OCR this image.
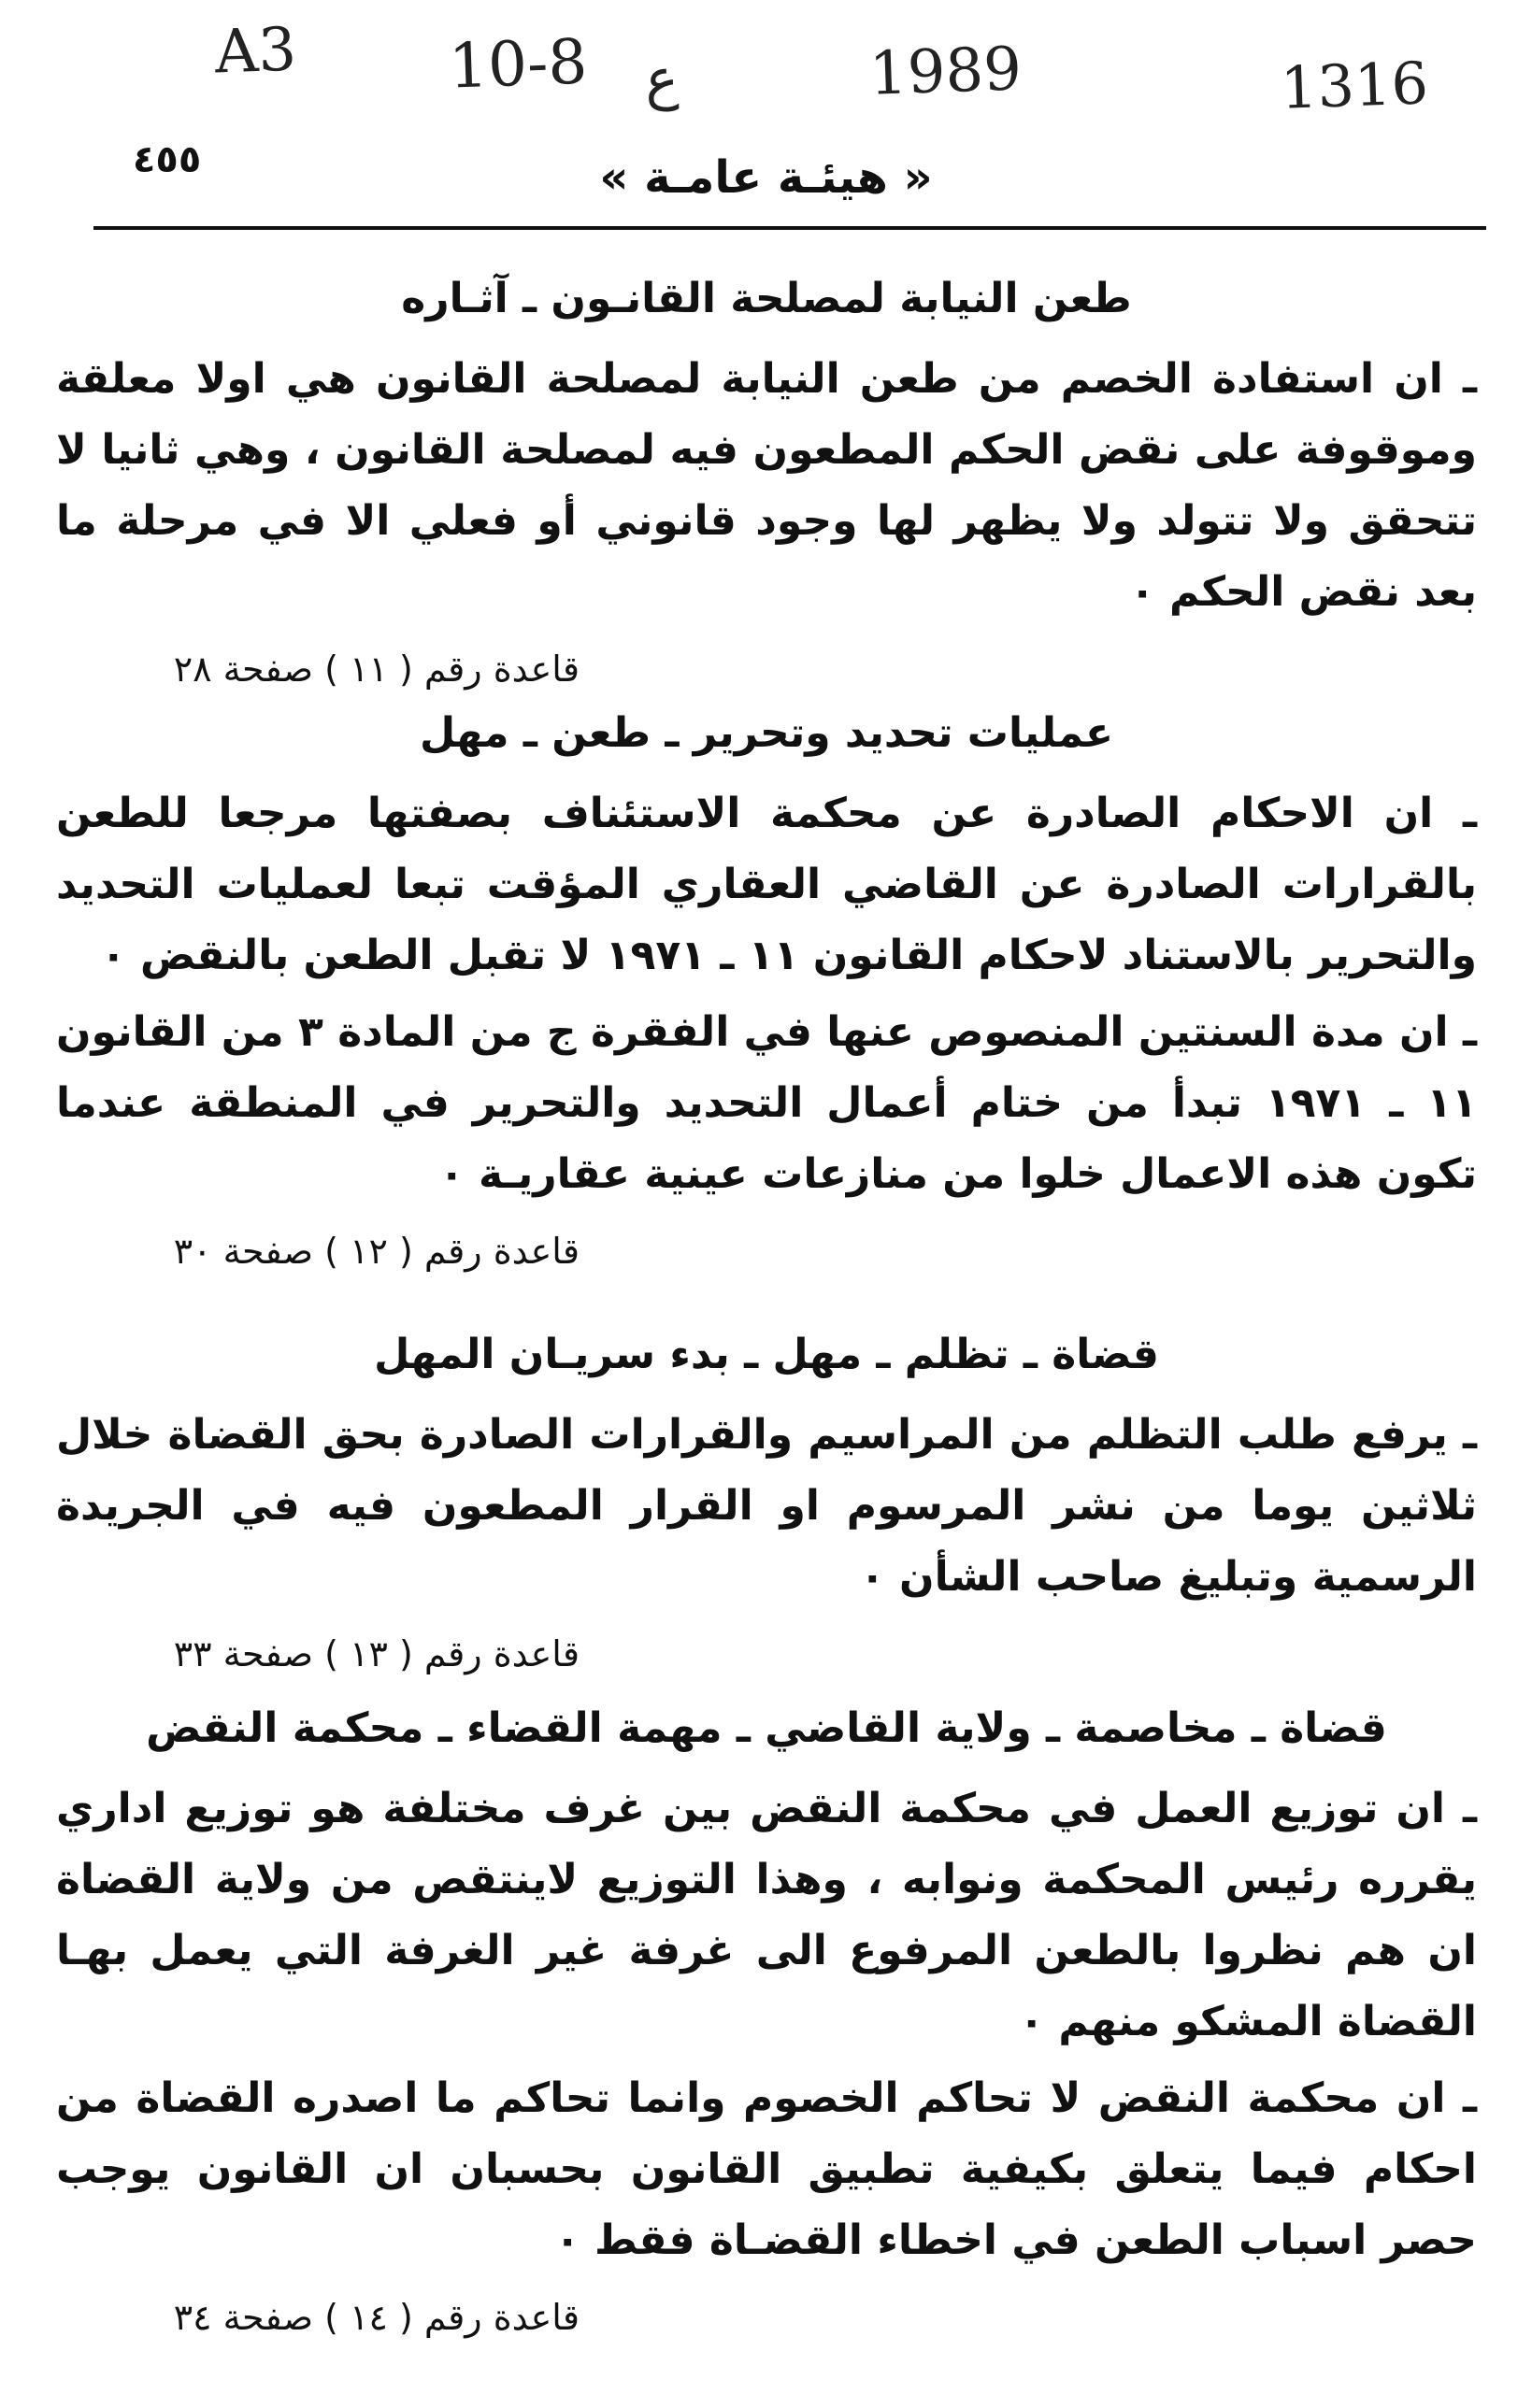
A3 10-8 ع	1989	1316
٤٥٥	« هيئـة عامـة »
طعن النيابة لمصلحة القانـون ـ آثـاره
ـ ان استفادة الخصم من طعن النيابة لمصلحة القانون هي اولا معلقة وموقوفة على نقض الحكم المطعون فيه لمصلحة القانون ، وهي ثانيا لا تتحقق ولا تتولد ولا يظهر لها وجود قانوني أو فعلي الا في مرحلة ما بعد نقض الحكم ٠
قاعدة رقم ( ١١ ) صفحة ٢٨
عمليات تحديد وتحرير ـ طعن ـ مهل
ـ ان الاحكام الصادرة عن محكمة الاستئناف بصفتها مرجعا للطعن بالقرارات الصادرة عن القاضي العقاري المؤقت تبعا لعمليات التحديد والتحرير بالاستناد لاحكام القانون ١١ ـ ١٩٧١ لا تقبل الطعن بالنقض ٠
ـ ان مدة السنتين المنصوص عنها في الفقرة ج من المادة ٣ من القانون ١١ ـ ١٩٧١ تبدأ من ختام أعمال التحديد والتحرير في المنطقة عندما تكون هذه الاعمال خلوا من منازعات عينية عقاريـة ٠
قاعدة رقم ( ١٢ ) صفحة ٣٠
قضاة ـ تظلم ـ مهل ـ بدء سريـان المهل
ـ يرفع طلب التظلم من المراسيم والقرارات الصادرة بحق القضاة خلال ثلاثين يوما من نشر المرسوم او القرار المطعون فيه في الجريدة الرسمية وتبليغ صاحب الشأن ٠
قاعدة رقم ( ١٣ ) صفحة ٣٣
قضاة ـ مخاصمة ـ ولاية القاضي ـ مهمة القضاء ـ محكمة النقض
ـ ان توزيع العمل في محكمة النقض بين غرف مختلفة هو توزيع اداري يقرره رئيس المحكمة ونوابه ، وهذا التوزيع لاينتقص من ولاية القضاة ان هم نظروا بالطعن المرفوع الى غرفة غير الغرفة التي يعمل بهـا القضاة المشكو منهم ٠
ـ ان محكمة النقض لا تحاكم الخصوم وانما تحاكم ما اصدره القضاة من احكام فيما يتعلق بكيفية تطبيق القانون بحسبان ان القانون يوجب حصر اسباب الطعن في اخطاء القضـاة فقط ٠
قاعدة رقم ( ١٤ ) صفحة ٣٤
